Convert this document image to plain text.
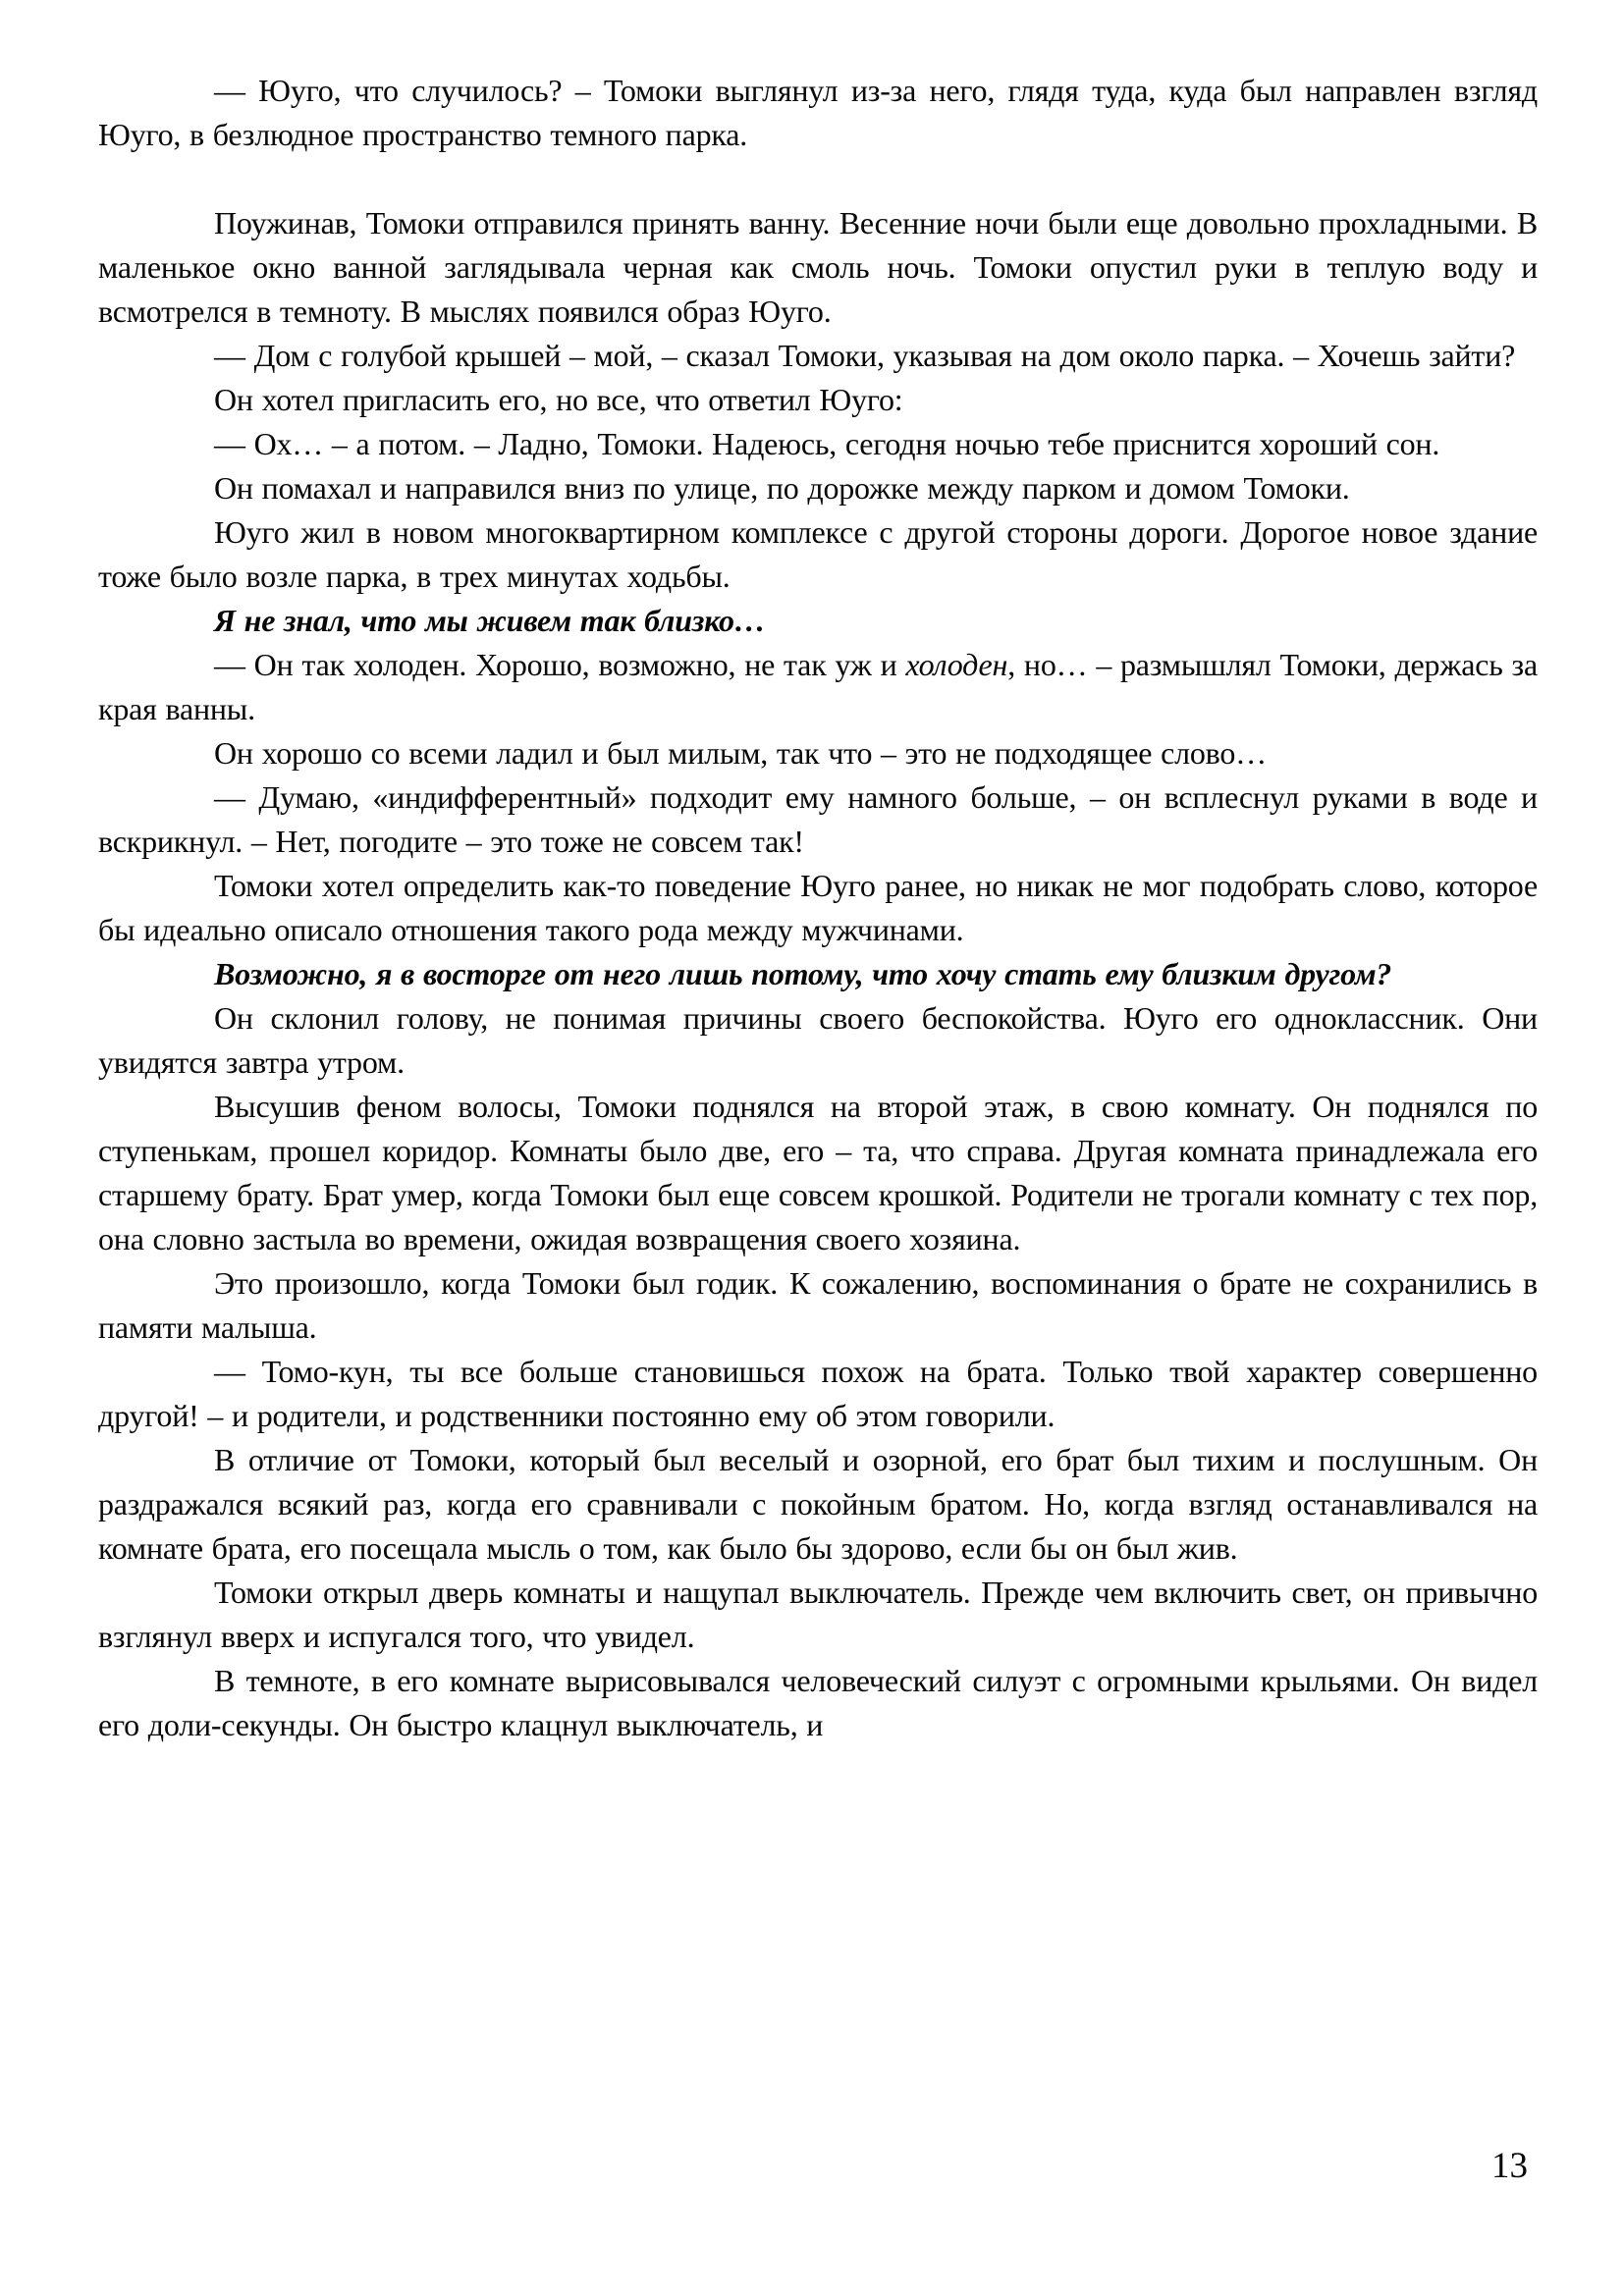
— Юуго, что случилось? – Томоки выглянул из-за него, глядя туда, куда был направлен взгляд Юуго, в безлюдное пространство темного парка.

Поужинав, Томоки отправился принять ванну. Весенние ночи были еще довольно прохладными. В маленькое окно ванной заглядывала черная как смоль ночь. Томоки опустил руки в теплую воду и всмотрелся в темноту. В мыслях появился образ Юуго.

— Дом с голубой крышей – мой, – сказал Томоки, указывая на дом около парка. – Хочешь зайти?

Он хотел пригласить его, но все, что ответил Юуго:

— Ох… – а потом. – Ладно, Томоки. Надеюсь, сегодня ночью тебе приснится хороший сон.

Он помахал и направился вниз по улице, по дорожке между парком и домом Томоки.

Юуго жил в новом многоквартирном комплексе с другой стороны дороги. Дорогое новое здание тоже было возле парка, в трех минутах ходьбы.

Я не знал, что мы живем так близко…

— Он так холоден. Хорошо, возможно, не так уж и холоден, но… – размышлял Томоки, держась за края ванны.

Он хорошо со всеми ладил и был милым, так что – это не подходящее слово…

— Думаю, «индифферентный» подходит ему намного больше, – он всплеснул руками в воде и вскрикнул. – Нет, погодите – это тоже не совсем так!

Томоки хотел определить как-то поведение Юуго ранее, но никак не мог подобрать слово, которое бы идеально описало отношения такого рода между мужчинами.

Возможно, я в восторге от него лишь потому, что хочу стать ему близким другом?

Он склонил голову, не понимая причины своего беспокойства. Юуго его одноклассник. Они увидятся завтра утром.

Высушив феном волосы, Томоки поднялся на второй этаж, в свою комнату. Он поднялся по ступенькам, прошел коридор. Комнаты было две, его – та, что справа. Другая комната принадлежала его старшему брату. Брат умер, когда Томоки был еще совсем крошкой. Родители не трогали комнату с тех пор, она словно застыла во времени, ожидая возвращения своего хозяина.

Это произошло, когда Томоки был годик. К сожалению, воспоминания о брате не сохранились в памяти малыша.

— Томо-кун, ты все больше становишься похож на брата. Только твой характер совершенно другой! – и родители, и родственники постоянно ему об этом говорили.

В отличие от Томоки, который был веселый и озорной, его брат был тихим и послушным. Он раздражался всякий раз, когда его сравнивали с покойным братом. Но, когда взгляд останавливался на комнате брата, его посещала мысль о том, как было бы здорово, если бы он был жив.

Томоки открыл дверь комнаты и нащупал выключатель. Прежде чем включить свет, он привычно взглянул вверх и испугался того, что увидел.

В темноте, в его комнате вырисовывался человеческий силуэт с огромными крыльями. Он видел его доли-секунды. Он быстро клацнул выключатель, и

13
